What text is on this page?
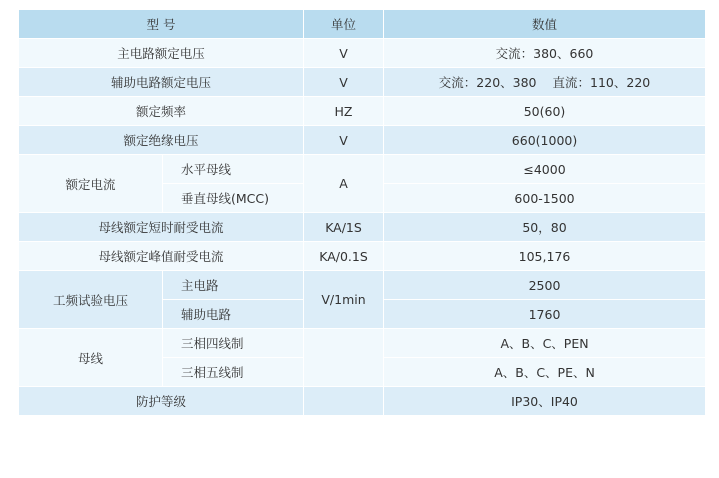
型 号		单位	数值
主电路额定电压		V	交流：380、660
辅助电路额定电压		V	交流：220、380 直流：110、220
额定频率		HZ	50(60)
额定绝缘电压		V	660(1000)
额定电流	水平母线	A	≤4000
	垂直母线(MCC)		600-1500
母线额定短时耐受电流		KA/1S	50，80
母线额定峰值耐受电流		KA/0.1S	105,176
工频试验电压	主电路	V/1min	2500
	辅助电路		1760
母线	三相四线制		A、B、C、PEN
	三相五线制		A、B、C、PE、N
防护等级			IP30、IP40
